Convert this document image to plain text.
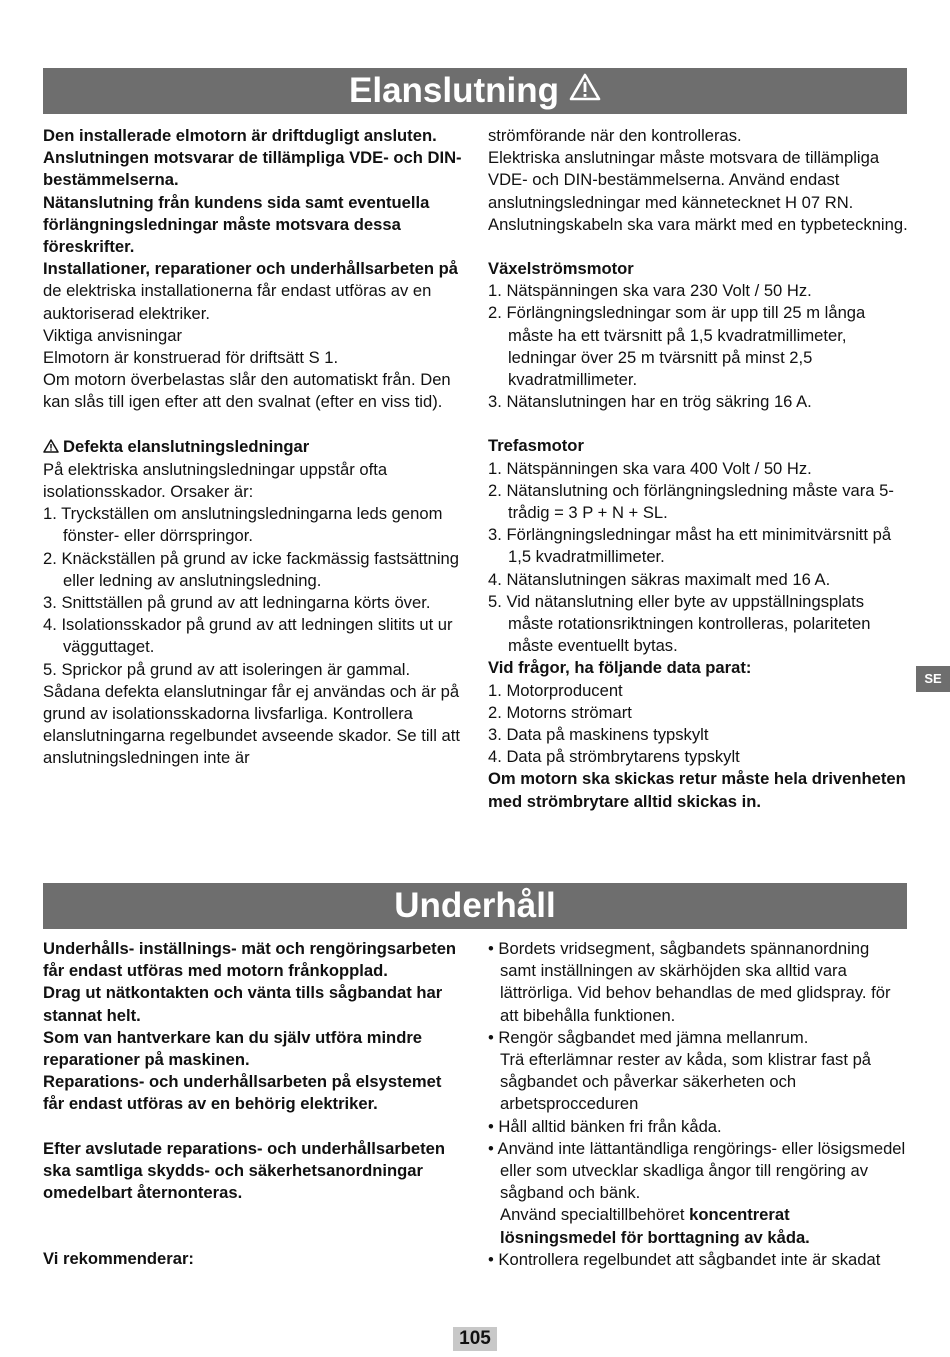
Elanslutning

Den installerade elmotorn är driftdugligt ansluten.

Anslutningen motsvarar de tillämpliga VDE- och DIN-bestämmelserna.

Nätanslutning från kundens sida samt eventuella förlängningsledningar måste motsvara dessa föreskrifter.

Installationer, reparationer och underhållsarbeten på

de elektriska installationerna får endast utföras av en auktoriserad elektriker.

Viktiga anvisningar

Elmotorn är konstruerad för driftsätt S 1.

Om motorn överbelastas slår den automatiskt från. Den kan slås till igen efter att den svalnat (efter en viss tid).

Defekta elanslutningsledningar

På elektriska anslutningsledningar uppstår ofta isolationsskador. Orsaker är:

1. Tryckställen om anslutningsledningarna leds genom fönster- eller dörrspringor.

2. Knäckställen på grund av icke fackmässig fastsättning eller ledning av anslutningsledning.

3. Snittställen på grund av att ledningarna körts över.

4. Isolationsskador på grund av att ledningen slitits ut ur vägguttaget.

5. Sprickor på grund av att isoleringen är gammal.

Sådana defekta elanslutningar får ej användas och är på grund av isolationsskadorna livsfarliga. Kontrollera elanslutningarna regelbundet avseende skador. Se till att anslutningsledningen inte är

strömförande när den kontrolleras.

Elektriska anslutningar måste motsvara de tillämpliga VDE- och DIN-bestämmelserna. Använd endast anslutningsledningar med kännetecknet H 07 RN. Anslutningskabeln ska vara märkt med en typbeteckning.

Växelströmsmotor

1. Nätspänningen ska vara 230 Volt / 50 Hz.

2. Förlängningsledningar som är upp till 25 m långa måste ha ett tvärsnitt på 1,5 kvadratmillimeter, ledningar över 25 m tvärsnitt på minst 2,5 kvadratmillimeter.

3. Nätanslutningen har en trög säkring 16 A.

Trefasmotor

1. Nätspänningen ska vara 400 Volt / 50 Hz.

2. Nätanslutning och förlängningsledning måste vara 5-trådig = 3 P + N + SL.

3. Förlängningsledningar måst ha ett minimitvärsnitt på 1,5 kvadratmillimeter.

4. Nätanslutningen säkras maximalt med 16 A.

5. Vid nätanslutning eller byte av uppställningsplats måste rotationsriktningen kontrolleras, polariteten måste eventuellt bytas.

Vid frågor, ha följande data parat:

1. Motorproducent

2. Motorns strömart

3. Data på maskinens typskylt

4. Data på strömbrytarens typskylt

Om motorn ska skickas retur måste hela drivenheten med strömbrytare alltid skickas in.

Underhåll

Underhålls- inställnings- mät och rengöringsarbeten får endast utföras med motorn frånkopplad.

Drag ut nätkontakten och vänta tills sågbandat har stannat helt.

Som van hantverkare kan du själv utföra mindre reparationer på maskinen.

Reparations- och underhållsarbeten på elsystemet får endast utföras av en behörig elektriker.

Efter avslutade reparations- och underhållsarbeten ska samtliga skydds- och säkerhetsanordningar omedelbart åternonteras.

Vi rekommenderar:

• Bordets vridsegment, sågbandets spännanordning samt inställningen av skärhöjden ska alltid vara lättrörliga. Vid behov behandlas de med glidspray. för att bibehålla funktionen.

• Rengör sågbandet med jämna mellanrum.

Trä efterlämnar rester av kåda, som klistrar fast på sågbandet och påverkar säkerheten och arbetsprocceduren

• Håll alltid bänken fri från kåda.

• Använd inte lättantändliga rengörings- eller lösigsmedel eller som utvecklar skadliga ångor till rengöring av sågband och bänk.

Använd specialtillbehöret koncentrerat lösningsmedel för borttagning av kåda.

• Kontrollera regelbundet att sågbandet inte är skadat

SE
105
